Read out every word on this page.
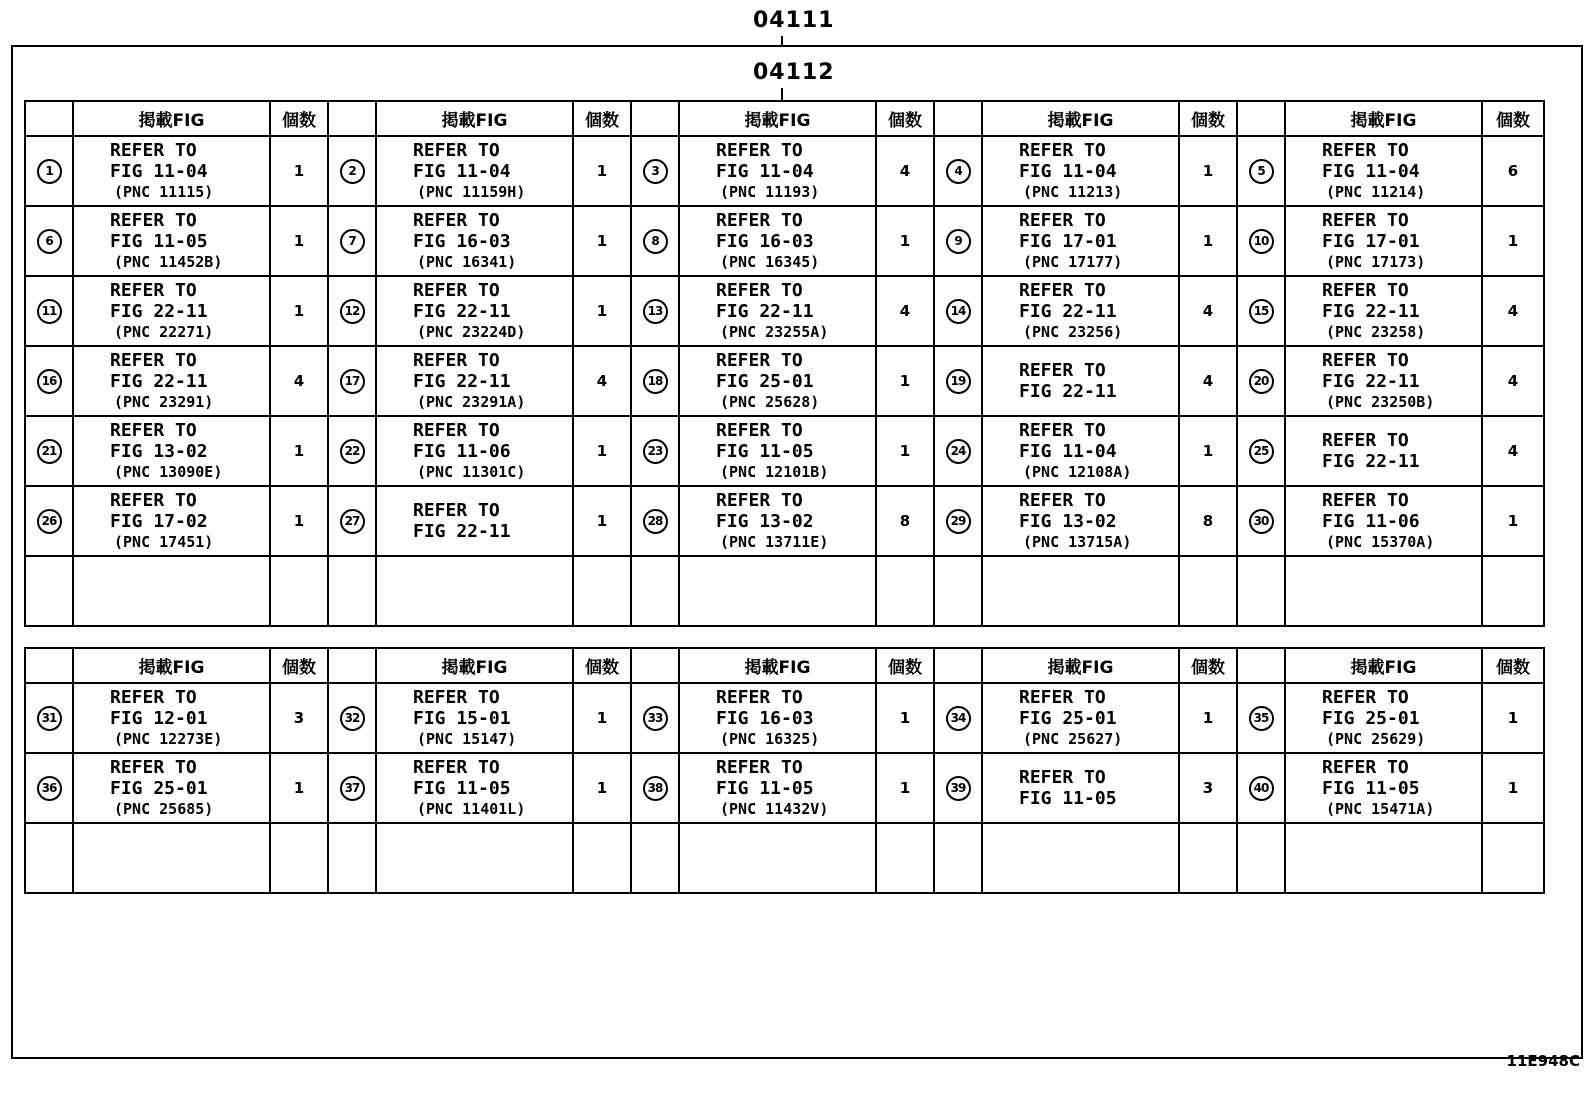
04111
04112
	掲載FIG	個数		掲載FIG	個数		掲載FIG	個数		掲載FIG	個数		掲載FIG	個数
1	REFER TO
FIG 11-04
(PNC 11115)	1	2	REFER TO
FIG 11-04
(PNC 11159H)	1	3	REFER TO
FIG 11-04
(PNC 11193)	4	4	REFER TO
FIG 11-04
(PNC 11213)	1	5	REFER TO
FIG 11-04
(PNC 11214)	6
6	REFER TO
FIG 11-05
(PNC 11452B)	1	7	REFER TO
FIG 16-03
(PNC 16341)	1	8	REFER TO
FIG 16-03
(PNC 16345)	1	9	REFER TO
FIG 17-01
(PNC 17177)	1	10	REFER TO
FIG 17-01
(PNC 17173)	1
11	REFER TO
FIG 22-11
(PNC 22271)	1	12	REFER TO
FIG 22-11
(PNC 23224D)	1	13	REFER TO
FIG 22-11
(PNC 23255A)	4	14	REFER TO
FIG 22-11
(PNC 23256)	4	15	REFER TO
FIG 22-11
(PNC 23258)	4
16	REFER TO
FIG 22-11
(PNC 23291)	4	17	REFER TO
FIG 22-11
(PNC 23291A)	4	18	REFER TO
FIG 25-01
(PNC 25628)	1	19	REFER TO
FIG 22-11	4	20	REFER TO
FIG 22-11
(PNC 23250B)	4
21	REFER TO
FIG 13-02
(PNC 13090E)	1	22	REFER TO
FIG 11-06
(PNC 11301C)	1	23	REFER TO
FIG 11-05
(PNC 12101B)	1	24	REFER TO
FIG 11-04
(PNC 12108A)	1	25	REFER TO
FIG 22-11	4
26	REFER TO
FIG 17-02
(PNC 17451)	1	27	REFER TO
FIG 22-11	1	28	REFER TO
FIG 13-02
(PNC 13711E)	8	29	REFER TO
FIG 13-02
(PNC 13715A)	8	30	REFER TO
FIG 11-06
(PNC 15370A)	1

	掲載FIG	個数		掲載FIG	個数		掲載FIG	個数		掲載FIG	個数		掲載FIG	個数
31	REFER TO
FIG 12-01
(PNC 12273E)	3	32	REFER TO
FIG 15-01
(PNC 15147)	1	33	REFER TO
FIG 16-03
(PNC 16325)	1	34	REFER TO
FIG 25-01
(PNC 25627)	1	35	REFER TO
FIG 25-01
(PNC 25629)	1
36	REFER TO
FIG 25-01
(PNC 25685)	1	37	REFER TO
FIG 11-05
(PNC 11401L)	1	38	REFER TO
FIG 11-05
(PNC 11432V)	1	39	REFER TO
FIG 11-05	3	40	REFER TO
FIG 11-05
(PNC 15471A)	1

11E948C
